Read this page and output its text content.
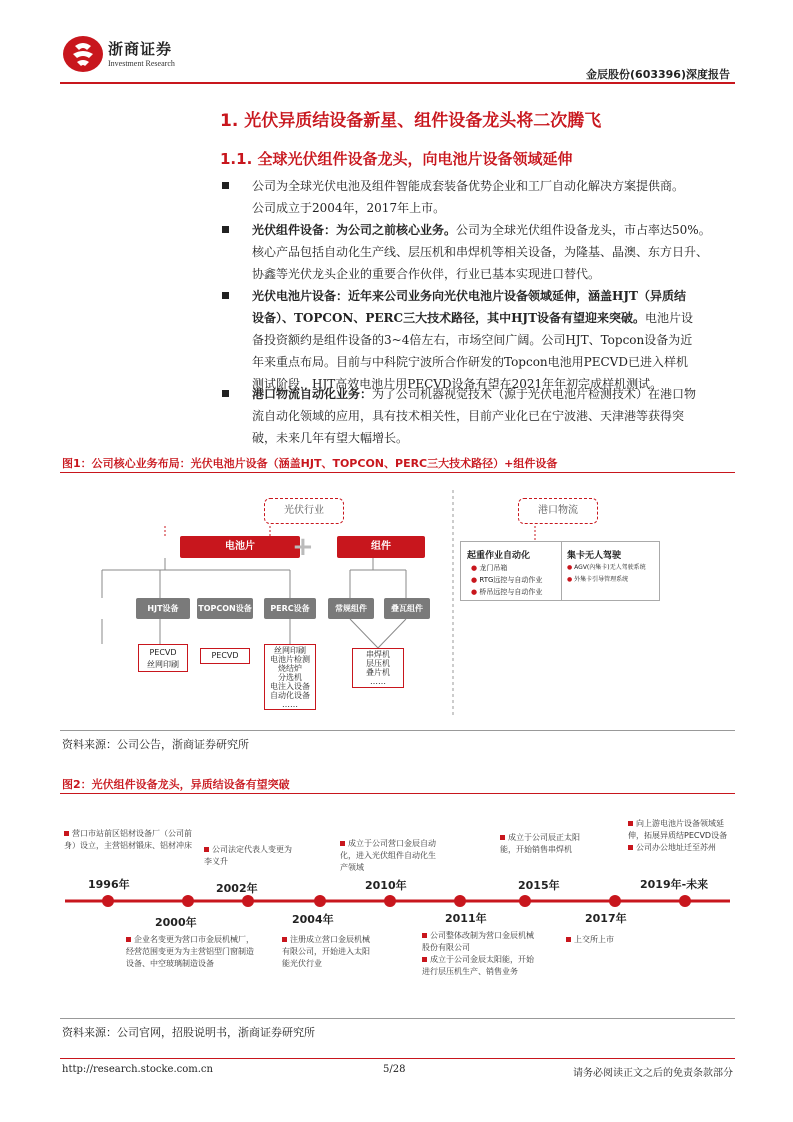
浙商证券
Investment Research
金辰股份(603396)深度报告
1. 光伏异质结设备新星、组件设备龙头将二次腾飞
1.1. 全球光伏组件设备龙头，向电池片设备领域延伸
公司为全球光伏电池及组件智能成套装备优势企业和工厂自动化解决方案提供商。
公司成立于2004年，2017年上市。
光伏组件设备：为公司之前核心业务。公司为全球光伏组件设备龙头，市占率达50%。
核心产品包括自动化生产线、层压机和串焊机等相关设备，为隆基、晶澳、东方日升、
协鑫等光伏龙头企业的重要合作伙伴，行业已基本实现进口替代。
光伏电池片设备：近年来公司业务向光伏电池片设备领域延伸，涵盖HJT（异质结
设备）、TOPCON、PERC三大技术路径，其中HJT设备有望迎来突破。电池片设
备投资额约是组件设备的3~4倍左右，市场空间广阔。公司HJT、Topcon设备为近
年来重点布局。目前与中科院宁波所合作研发的Topcon电池用PECVD已进入样机
测试阶段，HJT高效电池片用PECVD设备有望在2021年年初完成样机测试。
港口物流自动化业务：为了公司机器视觉技术（源于光伏电池片检测技术）在港口物
流自动化领域的应用，具有技术相关性，目前产业化已在宁波港、天津港等获得突
破，未来几年有望大幅增长。
图1：公司核心业务布局：光伏电池片设备（涵盖HJT、TOPCON、PERC三大技术路径）+组件设备
光伏行业	港口物流
电池片	+	组件
HJT设备	TOPCON设备	PERC设备	常规组件	叠瓦组件
PECVD
丝网印刷
PECVD
丝网印刷
电池片检测
烧结炉
分选机
电注入设备
自动化设备
……
串焊机
层压机
叠片机
……
起重作业自动化
● 龙门吊箱
● RTG远控与自动作业
● 桥吊远控与自动作业
集卡无人驾驶
● AGV(內集卡)无人驾驶系统
● 外集卡引导管理系统
资料来源：公司公告，浙商证券研究所
图2：光伏组件设备龙头，异质结设备有望突破
1996年	2002年	2010年	2015年	2019年-未来
2000年	2004年	2011年	2017年
营口市站前区铝材设备厂（公司前身）设立，主营铝材锻床、铝材冲床	公司法定代表人变更为李义升
成立于公司营口金辰自动化，进入光伏组件自动化生产领域
成立于公司辰正太阳能，开始销售串焊机
向上游电池片设备领域延伸，拓展异质结PECVD设备
公司办公地址迁至苏州
企业名变更为营口市金辰机械厂，经营范围变更为为主营铝型门窗制造设备、中空玻璃制造设备
注册成立营口金辰机械有限公司，开始进入太阳能光伏行业
公司整体改制为营口金辰机械股份有限公司
成立于公司金辰太阳能，开始进行层压机生产、销售业务
上交所上市
资料来源：公司官网，招股说明书，浙商证券研究所
http://research.stocke.com.cn	5/28	请务必阅读正文之后的免责条款部分
